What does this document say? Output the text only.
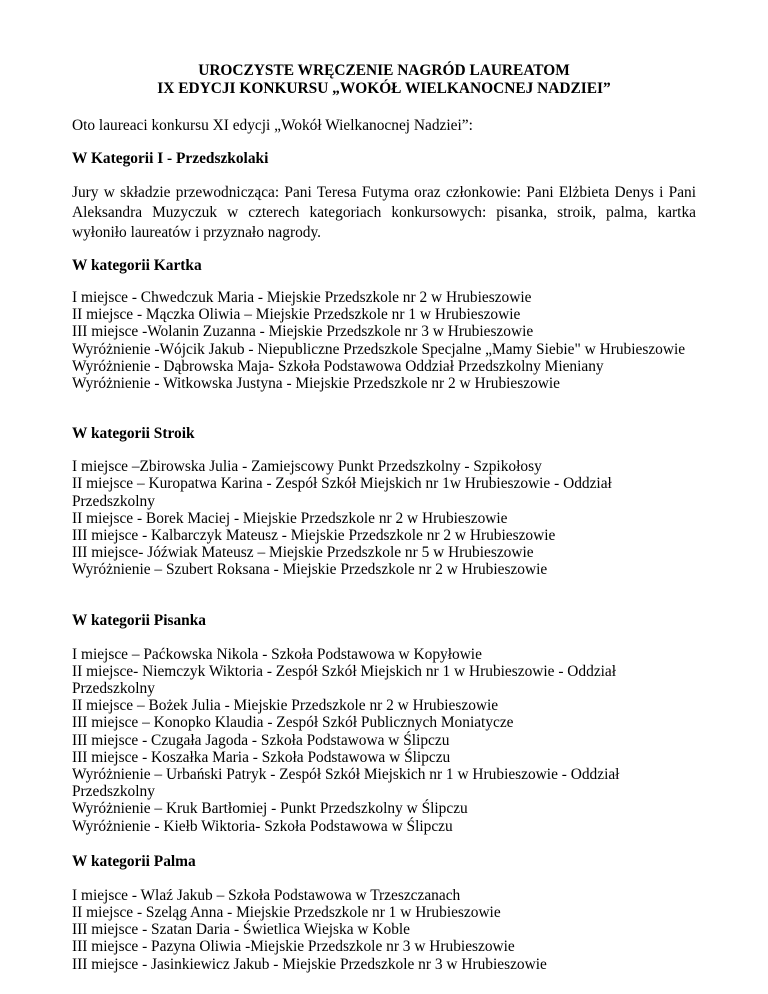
UROCZYSTE WRĘCZENIE NAGRÓD LAUREATOM

IX EDYCJI KONKURSU „WOKÓŁ WIELKANOCNEJ NADZIEI”

Oto laureaci konkursu XI edycji „Wokół Wielkanocnej Nadziei”:

W Kategorii I - Przedszkolaki

Jury w składzie przewodnicząca: Pani Teresa Futyma oraz członkowie: Pani Elżbieta Denys i Pani Aleksandra Muzyczuk w czterech kategoriach konkursowych: pisanka, stroik, palma, kartka wyłoniło laureatów i przyznało nagrody.

W kategorii Kartka

I miejsce - Chwedczuk Maria - Miejskie Przedszkole nr 2 w Hrubieszowie
II miejsce - Mączka Oliwia – Miejskie Przedszkole nr 1 w Hrubieszowie
III miejsce -Wolanin Zuzanna - Miejskie Przedszkole nr 3 w Hrubieszowie
Wyróżnienie -Wójcik Jakub - Niepubliczne Przedszkole Specjalne „Mamy Siebie" w Hrubieszowie
Wyróżnienie - Dąbrowska Maja- Szkoła Podstawowa Oddział Przedszkolny Mieniany
Wyróżnienie - Witkowska Justyna - Miejskie Przedszkole nr 2 w Hrubieszowie

W kategorii Stroik

I miejsce –Zbirowska Julia - Zamiejscowy Punkt Przedszkolny - Szpikołosy
II miejsce – Kuropatwa Karina - Zespół Szkół Miejskich nr 1w Hrubieszowie - Oddział
Przedszkolny
II miejsce - Borek Maciej - Miejskie Przedszkole nr 2 w Hrubieszowie
III miejsce - Kalbarczyk Mateusz - Miejskie Przedszkole nr 2 w Hrubieszowie
III miejsce- Jóźwiak Mateusz – Miejskie Przedszkole nr 5 w Hrubieszowie
Wyróżnienie – Szubert Roksana - Miejskie Przedszkole nr 2 w Hrubieszowie

W kategorii Pisanka

I miejsce – Paćkowska Nikola - Szkoła Podstawowa w Kopyłowie
II miejsce- Niemczyk Wiktoria - Zespół Szkół Miejskich nr 1 w Hrubieszowie - Oddział
Przedszkolny
II miejsce – Bożek Julia - Miejskie Przedszkole nr 2 w Hrubieszowie
III miejsce – Konopko Klaudia - Zespół Szkół Publicznych Moniatycze
III miejsce - Czugała Jagoda - Szkoła Podstawowa w Ślipczu
III miejsce - Koszałka Maria - Szkoła Podstawowa w Ślipczu
Wyróżnienie – Urbański Patryk - Zespół Szkół Miejskich nr 1 w Hrubieszowie - Oddział
Przedszkolny
Wyróżnienie – Kruk Bartłomiej - Punkt Przedszkolny w Ślipczu
Wyróżnienie - Kiełb Wiktoria- Szkoła Podstawowa w Ślipczu

W kategorii Palma

I miejsce - Wlaź Jakub – Szkoła Podstawowa w Trzeszczanach
II miejsce - Szeląg Anna - Miejskie Przedszkole nr 1 w Hrubieszowie
III miejsce - Szatan Daria - Świetlica Wiejska w Koble
III miejsce - Pazyna Oliwia -Miejskie Przedszkole nr 3 w Hrubieszowie
III miejsce - Jasinkiewicz Jakub - Miejskie Przedszkole nr 3 w Hrubieszowie
